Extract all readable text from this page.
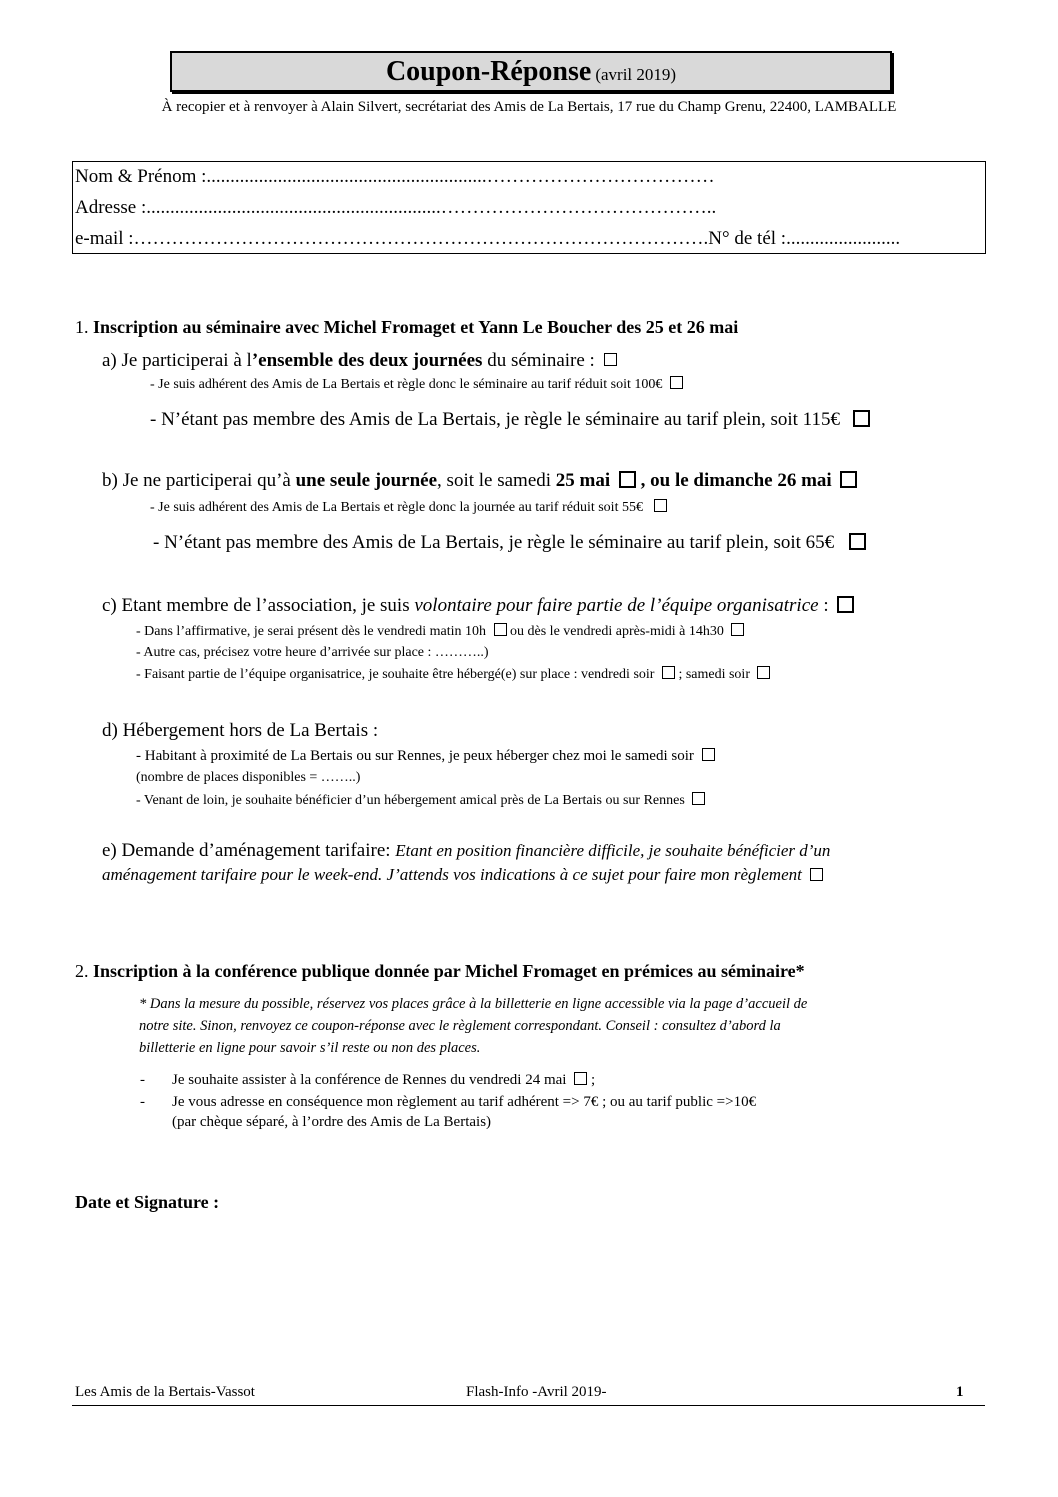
Coupon-Réponse (avril 2019)
À recopier et à renvoyer à Alain Silvert, secrétariat des Amis de La Bertais, 17 rue du Champ Grenu, 22400, LAMBALLE
Nom & Prénom :...........................................................………………………………
Adresse :..............................................................……………………………………..
e-mail :……………………………………………………………………………….N° de tél :........................
1. Inscription au séminaire avec Michel Fromaget et Yann Le Boucher des 25 et 26 mai
a) Je participerai à l’ensemble des deux journées du séminaire :
- Je suis adhérent des Amis de La Bertais et règle donc le séminaire au tarif réduit soit 100€
- N’étant pas membre des Amis de La Bertais, je règle le séminaire au tarif plein, soit 115€
b) Je ne participerai qu’à une seule journée, soit le samedi 25 mai  , ou le dimanche 26 mai
- Je suis adhérent des Amis de La Bertais et règle donc la journée au tarif réduit soit 55€
- N’étant pas membre des Amis de La Bertais, je règle le séminaire au tarif plein, soit 65€
c) Etant membre de l’association, je suis volontaire pour faire partie de l’équipe organisatrice :
- Dans l’affirmative, je serai présent dès le vendredi matin 10h ou dès le vendredi après-midi à 14h30
- Autre cas, précisez votre heure d’arrivée sur place : ………..)
- Faisant partie de l’équipe organisatrice, je souhaite être hébergé(e) sur place : vendredi soir ; samedi soir
d) Hébergement hors de La Bertais :
- Habitant à proximité de La Bertais ou sur Rennes, je peux héberger chez moi le samedi soir
(nombre de places disponibles = ……..)
- Venant de loin, je souhaite bénéficier d’un hébergement amical près de La Bertais ou sur Rennes
e) Demande d’aménagement tarifaire: Etant en position financière difficile, je souhaite bénéficier d’un
aménagement tarifaire pour le week-end. J’attends vos indications à ce sujet pour faire mon règlement
2. Inscription à la conférence publique donnée par Michel Fromaget en prémices au séminaire*
* Dans la mesure du possible, réservez vos places grâce à la billetterie en ligne accessible via la page d’accueil de
notre site. Sinon, renvoyez ce coupon-réponse avec le règlement correspondant. Conseil : consultez d’abord la
billetterie en ligne pour savoir s’il reste ou non des places.
- Je souhaite assister à la conférence de Rennes du vendredi 24 mai ;
- Je vous adresse en conséquence mon règlement au tarif adhérent => 7€ ; ou au tarif public =>10€
(par chèque séparé, à l’ordre des Amis de La Bertais)
Date et Signature :
Les Amis de la Bertais-Vassot	Flash-Info -Avril 2019-	1
